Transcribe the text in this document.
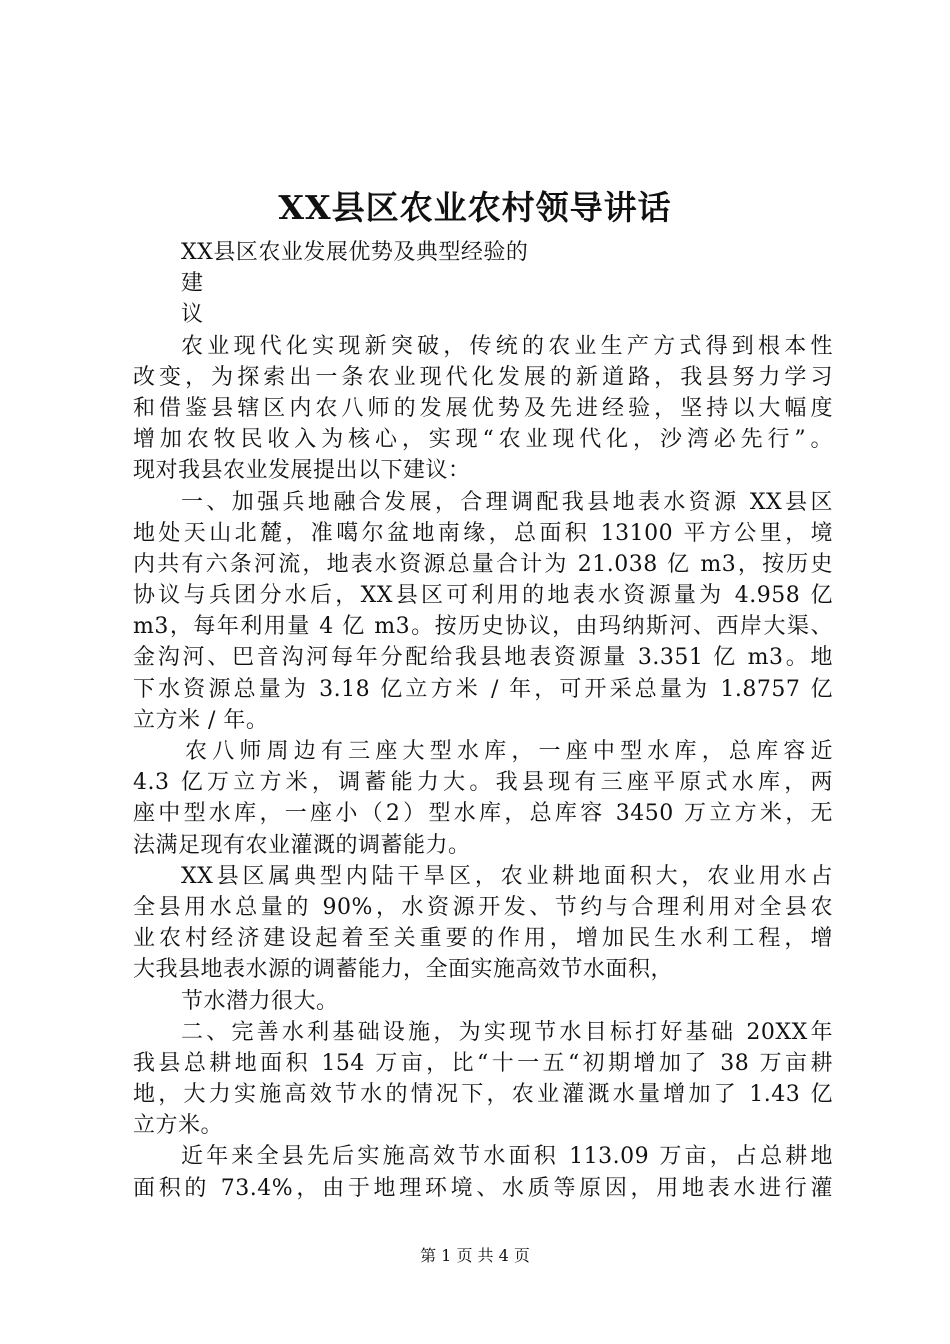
XX县区农业农村领导讲话
XX县区农业发展优势及典型经验的
建
议
农业现代化实现新突破，传统的农业生产方式得到根本性
改变，为探索出一条农业现代化发展的新道路，我县努力学习
和借鉴县辖区内农八师的发展优势及先进经验，坚持以大幅度
增加农牧民收入为核心，实现“农业现代化，沙湾必先行”。
现对我县农业发展提出以下建议：
一、加强兵地融合发展，合理调配我县地表水资源 XX县区
地处天山北麓，准噶尔盆地南缘，总面积 13100 平方公里，境
内共有六条河流，地表水资源总量合计为 21.038 亿 m3，按历史
协议与兵团分水后，XX县区可利用的地表水资源量为 4.958 亿
m3，每年利用量 4 亿 m3。按历史协议，由玛纳斯河、西岸大渠、
金沟河、巴音沟河每年分配给我县地表资源量 3.351 亿 m3。地
下水资源总量为 3.18 亿立方米 / 年，可开采总量为 1.8757 亿
立方米 / 年。
农八师周边有三座大型水库，一座中型水库，总库容近
4.3 亿万立方米，调蓄能力大。我县现有三座平原式水库，两
座中型水库，一座小（2）型水库，总库容 3450 万立方米，无
法满足现有农业灌溉的调蓄能力。
XX县区属典型内陆干旱区，农业耕地面积大，农业用水占
全县用水总量的 90%，水资源开发、节约与合理利用对全县农
业农村经济建设起着至关重要的作用，增加民生水利工程，增
大我县地表水源的调蓄能力，全面实施高效节水面积，
节水潜力很大。
二、完善水利基础设施，为实现节水目标打好基础 20XX年
我县总耕地面积 154 万亩，比“十一五“初期增加了 38 万亩耕
地，大力实施高效节水的情况下，农业灌溉水量增加了 1.43 亿
立方米。
近年来全县先后实施高效节水面积 113.09 万亩，占总耕地
面积的 73.4%，由于地理环境、水质等原因，用地表水进行灌
第 1 页 共 4 页
